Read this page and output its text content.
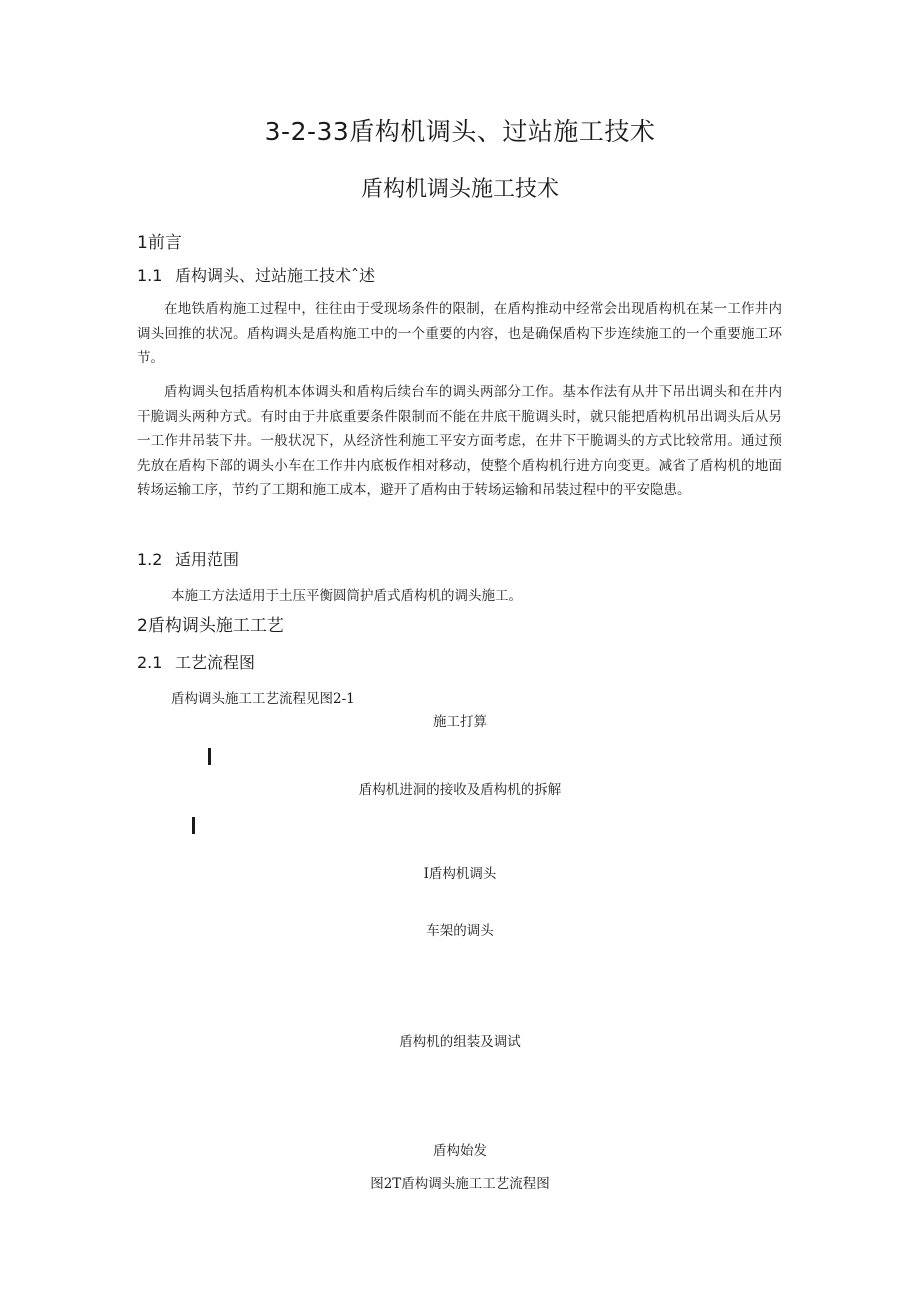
3-2-33盾构机调头、过站施工技术
盾构机调头施工技术
1前言
1.1 盾构调头、过站施工技术ˆ述
在地铁盾构施工过程中，往往由于受现场条件的限制，在盾构推动中经常会出现盾构机在某一工作井内调头回推的状况。盾构调头是盾构施工中的一个重要的内容，也是确保盾构下步连续施工的一个重要施工环节。
盾构调头包括盾构机本体调头和盾构后续台车的调头两部分工作。基本作法有从井下吊出调头和在井内干脆调头两种方式。有时由于井底重要条件限制而不能在井底干脆调头时，就只能把盾构机吊出调头后从另一工作井吊装下井。一般状况下，从经济性利施工平安方面考虑，在井下干脆调头的方式比较常用。通过预先放在盾构下部的调头小车在工作井内底板作相对移动，使整个盾构机行进方向变更。减省了盾构机的地面转场运输工序，节约了工期和施工成本，避开了盾构由于转场运输和吊装过程中的平安隐患。
1.2 适用范围
本施工方法适用于土压平衡圆筒护盾式盾构机的调头施工。
2盾构调头施工工艺
2.1 工艺流程图
盾构调头施工工艺流程见图2-1
施工打算
盾构机进洞的接收及盾构机的拆解
I盾构机调头
车架的调头
盾构机的组装及调试
盾构始发
图2T盾构调头施工工艺流程图
